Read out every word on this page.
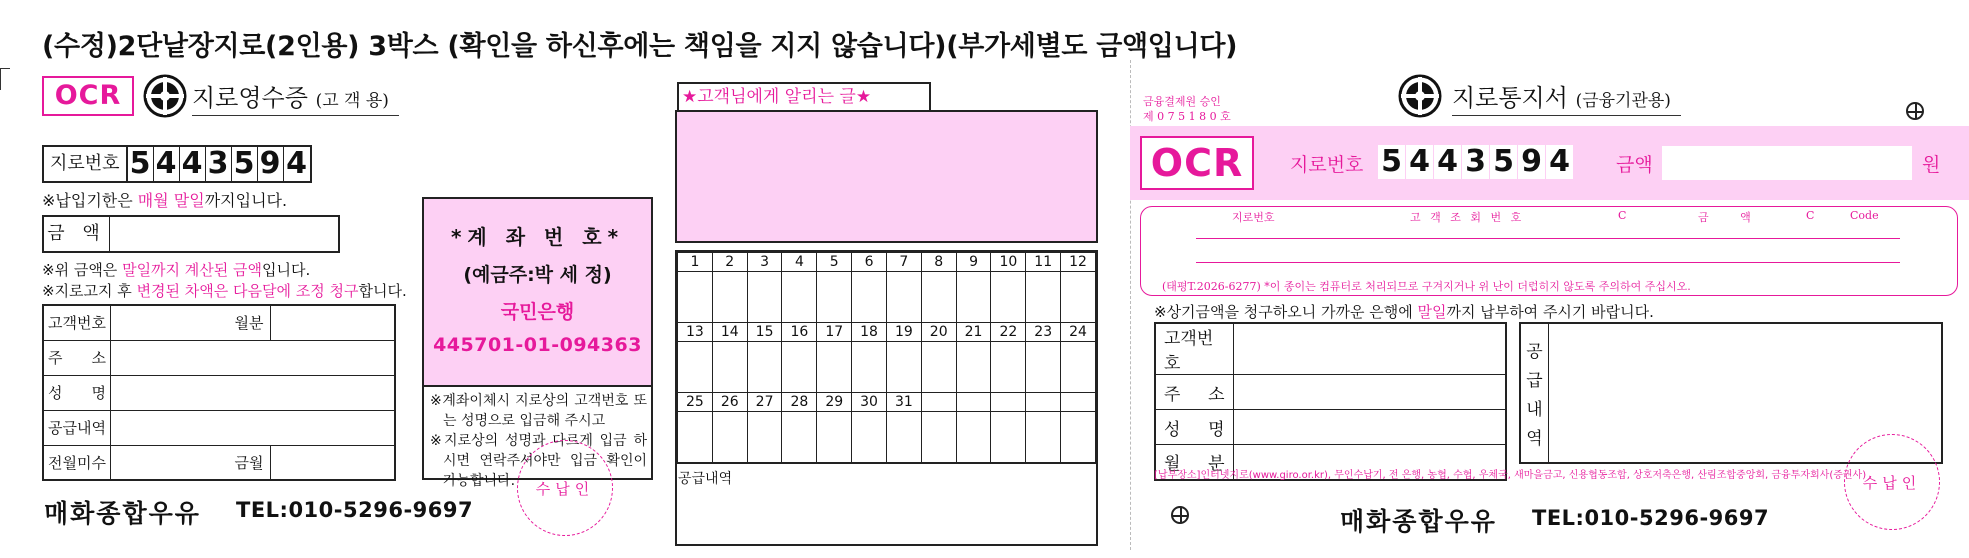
(수정)2단낱장지로(2인용) 3박스 (확인을 하신후에는 책임을 지지 않습니다)(부가세별도 금액입니다)
OCR	지로영수증 (고 객 용)
지로번호 5 4 4 3 5 9 4
※납입기한은 매월 말일까지입니다.
금 액
※위 금액은 말일까지 계산된 금액입니다.
※지로고지 후 변경된 차액은 다음달에 조정 청구합니다.
고객번호		월분	
주 소			
성 명			
공급내역			
전월미수		금월	
매화종합우유 TEL:010-5296-9697
*계 좌 번 호*
(예금주:박 세 정)
국민은행
445701-01-094363

※계좌이체시 지로상의 고객번호 또는 성명으로 입금해 주시고

※지로상의 성명과 다르게 입금 하시면 연락주셔야만 입금 확인이 가능합니다.	수납인
★고객님에게 알리는 글★
1	2	3	4	5	6	7	8	9	10	11	12

13	14	15	16	17	18	19	20	21	22	23	24

25	26	27	28	29	30	31					

공급내역
금융결제원 승인
제 0 7 5 1 8 0 호
지로통지서 (금융기관용)
OCR	지로번호 5 4 4 3 5 9 4 금액	원
지로번호	고 객 조 회 번 호	C	금 액	C	Code
(태평T.2026-6277) *이 종이는 컴퓨터로 처리되므로 구겨지거나 위 난이 더럽히지 않도록 주의하여 주십시오.
※상기금액을 청구하오니 가까운 은행에 말일까지 납부하여 주시기 바랍니다.
고객번호	
주 소	
성 명	
월 분	
공급내역
[납부장소]인터넷지로(www.giro.or.kr), 무인수납기, 전 은행, 농협, 수협, 우체국, 새마을금고, 신용협동조합, 상호저축은행, 산림조합중앙회, 금융투자회사(증권사)
수납인
매화종합우유 TEL:010-5296-9697
